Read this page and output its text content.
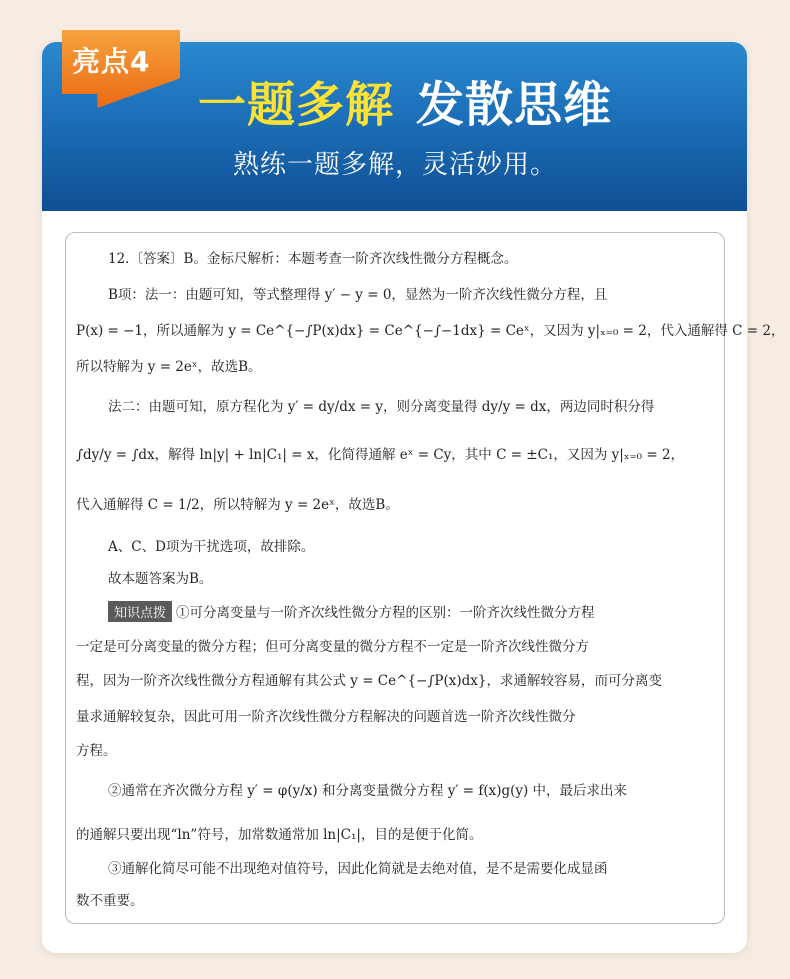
亮点4
一题多解 发散思维
熟练一题多解，灵活妙用。
12.〔答案〕B。金标尺解析：本题考查一阶齐次线性微分方程概念。
B项：法一：由题可知，等式整理得 y′ − y = 0，显然为一阶齐次线性微分方程，且
P(x) = −1，所以通解为 y = Ce^{−∫P(x)dx} = Ce^{−∫−1dx} = Ceˣ，又因为 y|ₓ₌₀ = 2，代入通解得 C = 2，
所以特解为 y = 2eˣ，故选B。
法二：由题可知，原方程化为 y′ = dy/dx = y，则分离变量得 dy/y = dx，两边同时积分得
∫dy/y = ∫dx，解得 ln|y| + ln|C₁| = x，化简得通解 eˣ = Cy，其中 C = ±C₁，又因为 y|ₓ₌₀ = 2，
代入通解得 C = 1/2，所以特解为 y = 2eˣ，故选B。
A、C、D项为干扰选项，故排除。
故本题答案为B。
知识点拨 ①可分离变量与一阶齐次线性微分方程的区别：一阶齐次线性微分方程
一定是可分离变量的微分方程；但可分离变量的微分方程不一定是一阶齐次线性微分方
程，因为一阶齐次线性微分方程通解有其公式 y = Ce^{−∫P(x)dx}，求通解较容易，而可分离变
量求通解较复杂，因此可用一阶齐次线性微分方程解决的问题首选一阶齐次线性微分
方程。
②通常在齐次微分方程 y′ = φ(y/x) 和分离变量微分方程 y′ = f(x)g(y) 中，最后求出来
的通解只要出现“ln”符号，加常数通常加 ln|C₁|，目的是便于化简。
③通解化简尽可能不出现绝对值符号，因此化简就是去绝对值，是不是需要化成显函
数不重要。
